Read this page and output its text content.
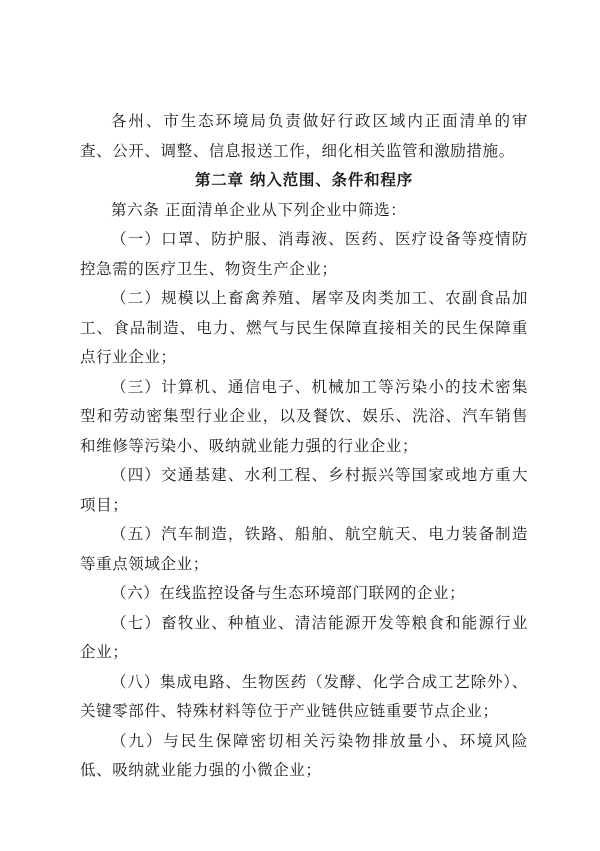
各州、市生态环境局负责做好行政区域内正面清单的审查、公开、调整、信息报送工作，细化相关监管和激励措施。

第二章 纳入范围、条件和程序

第六条 正面清单企业从下列企业中筛选：

（一）口罩、防护服、消毒液、医药、医疗设备等疫情防控急需的医疗卫生、物资生产企业；

（二）规模以上畜禽养殖、屠宰及肉类加工、农副食品加工、食品制造、电力、燃气与民生保障直接相关的民生保障重点行业企业；

（三）计算机、通信电子、机械加工等污染小的技术密集型和劳动密集型行业企业，以及餐饮、娱乐、洗浴、汽车销售和维修等污染小、吸纳就业能力强的行业企业；

（四）交通基建、水利工程、乡村振兴等国家或地方重大项目；

（五）汽车制造，铁路、船舶、航空航天、电力装备制造等重点领域企业；

（六）在线监控设备与生态环境部门联网的企业；

（七）畜牧业、种植业、清洁能源开发等粮食和能源行业企业；

（八）集成电路、生物医药（发酵、化学合成工艺除外）、关键零部件、特殊材料等位于产业链供应链重要节点企业；

（九）与民生保障密切相关污染物排放量小、环境风险低、吸纳就业能力强的小微企业；
